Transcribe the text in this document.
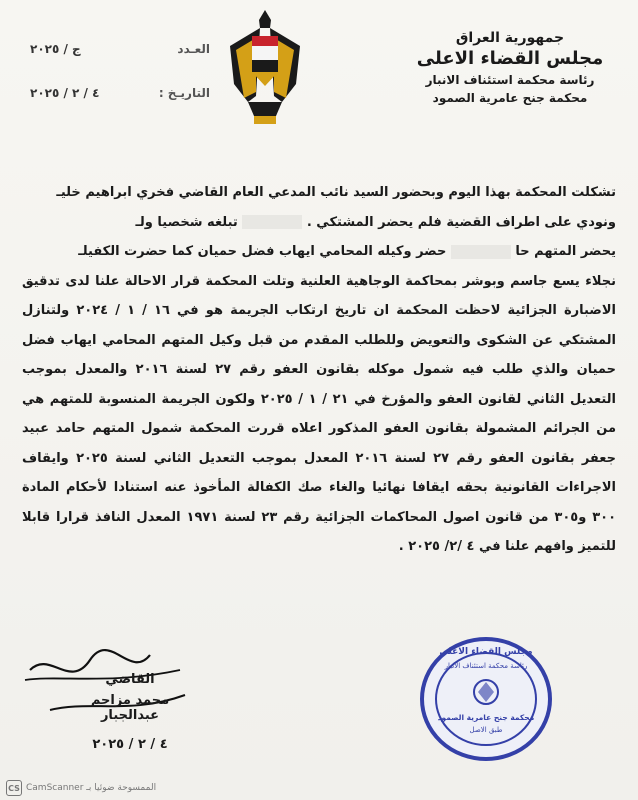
جمهورية العراق
مجلس القضاء الاعلى
رئاسة محكمة استئناف الانبار
محكمة جنح عامرية الصمود
العـدد
ج / ٢٠٢٥
التاريـخ :
٤ / ٢ / ٢٠٢٥

تشكلت المحكمة بهذا اليوم وبحضور السيد نائب المدعي العام القاضي فخري ابراهيم خليـ

ونودي على اطراف القضية فلم يحضر المشتكي .  تبلغه شخصيا ولـ

يحضر المتهم حا  حضر وكيله المحامي ايهاب فضل حميان كما حضرت الكفيلـ

نجلاء يسع جاسم وبوشر بمحاكمة الوجاهية العلنية وتلت المحكمة قرار الاحالة علنا لدى تدقيق الاضبارة الجزائية لاحظت المحكمة ان تاريخ ارتكاب الجريمة هو في ١٦ / ١ / ٢٠٢٤ ولتنازل المشتكي عن الشكوى والتعويض وللطلب المقدم من قبل وكيل المتهم المحامي ايهاب فضل حميان والذي طلب فيه شمول موكله بقانون العفو رقم ٢٧ لسنة ٢٠١٦ والمعدل بموجب التعديل الثاني لقانون العفو والمؤرخ في ٢١ / ١ / ٢٠٢٥ ولكون الجريمة المنسوبة للمتهم هي من الجرائم المشمولة بقانون العفو المذكور اعلاه قررت المحكمة شمول المتهم حامد عبيد جعفر بقانون العفو رقم ٢٧ لسنة ٢٠١٦ المعدل بموجب التعديل الثاني لسنة ٢٠٢٥ وايقاف الاجراءات القانونية بحقه ايقافا نهائيا والغاء صك الكفالة المأخوذ عنه استنادا لأحكام المادة ٣٠٠ و٣٠٥ من قانون اصول المحاكمات الجزائية رقم ٢٣ لسنة ١٩٧١ المعدل النافذ قرارا قابلا للتميز وافهم علنا في ٤ /٢/ ٢٠٢٥ .

القاضي
محمد مزاحم عبدالجبار
٤ / ٢ / ٢٠٢٥
مجلس القضاء الاعلى
رئاسة محكمة استئناف الانبار
محكمة جنح عامرية الصمود
طبق الاصل
CS CamScanner الممسوحة ضوئيا بـ
